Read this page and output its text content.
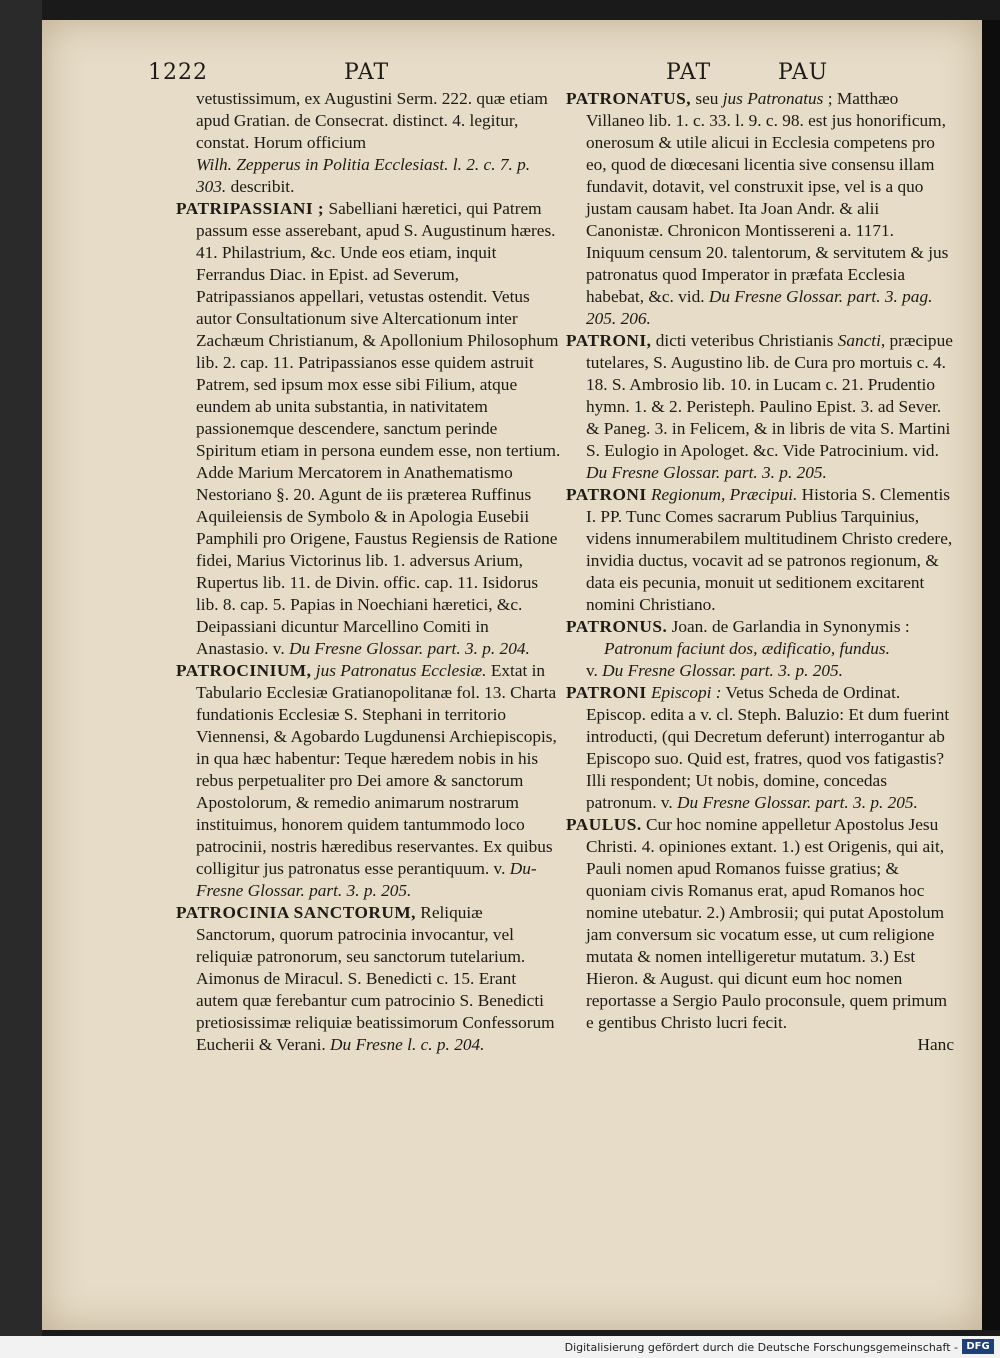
1222	PAT	PAT	PAU
vetustissimum, ex Augustini Serm. 222. quæ etiam apud Gratian. de Consecrat. distinct. 4. legitur, constat. Horum officium
Wilh. Zepperus in Politia Ecclesiast. l. 2. c. 7. p. 303. describit.
PATRIPASSIANI ; Sabelliani hæretici, qui Patrem passum esse asserebant, apud S. Augustinum hæres. 41. Philastrium, &c. Unde eos etiam, inquit Ferrandus Diac. in Epist. ad Severum, Patripassianos appellari, vetustas ostendit. Vetus autor Consultationum sive Altercationum inter Zachæum Christianum, & Apollonium Philosophum lib. 2. cap. 11. Patripassianos esse quidem astruit Patrem, sed ipsum mox esse sibi Filium, atque eundem ab unita substantia, in nativitatem passionemque descendere, sanctum perinde Spiritum etiam in persona eundem esse, non tertium. Adde Marium Mercatorem in Anathematismo Nestoriano §. 20. Agunt de iis præterea Ruffinus Aquileiensis de Symbolo & in Apologia Eusebii Pamphili pro Origene, Faustus Regiensis de Ratione fidei, Marius Victorinus lib. 1. adversus Arium, Rupertus lib. 11. de Divin. offic. cap. 11. Isidorus lib. 8. cap. 5. Papias in Noechiani hæretici, &c. Deipassiani dicuntur Marcellino Comiti in Anastasio. v. Du Fresne Glossar. part. 3. p. 204.
PATROCINIUM, jus Patronatus Ecclesiæ. Extat in Tabulario Ecclesiæ Gratianopolitanæ fol. 13. Charta fundationis Ecclesiæ S. Stephani in territorio Viennensi, & Agobardo Lugdunensi Archiepiscopis, in qua hæc habentur: Teque hæredem nobis in his rebus perpetualiter pro Dei amore & sanctorum Apostolorum, & remedio animarum nostrarum instituimus, honorem quidem tantummodo loco patrocinii, nostris hæredibus reservantes. Ex quibus colligitur jus patronatus esse perantiquum. v. Du-Fresne Glossar. part. 3. p. 205.
PATROCINIA SANCTORUM, Reliquiæ Sanctorum, quorum patrocinia invocantur, vel reliquiæ patronorum, seu sanctorum tutelarium. Aimonus de Miracul. S. Benedicti c. 15. Erant autem quæ ferebantur cum patrocinio S. Benedicti pretiosissimæ reliquiæ beatissimorum Confessorum Eucherii & Verani. Du Fresne l. c. p. 204.
PATRONATUS, seu jus Patronatus ; Matthæo Villaneo lib. 1. c. 33. l. 9. c. 98. est jus honorificum, onerosum & utile alicui in Ecclesia competens pro eo, quod de diœcesani licentia sive consensu illam fundavit, dotavit, vel construxit ipse, vel is a quo justam causam habet. Ita Joan Andr. & alii Canonistæ. Chronicon Montissereni a. 1171. Iniquum censum 20. talentorum, & servitutem & jus patronatus quod Imperator in præfata Ecclesia habebat, &c. vid. Du Fresne Glossar. part. 3. pag. 205. 206.
PATRONI, dicti veteribus Christianis Sancti, præcipue tutelares, S. Augustino lib. de Cura pro mortuis c. 4. 18. S. Ambrosio lib. 10. in Lucam c. 21. Prudentio hymn. 1. & 2. Peristeph. Paulino Epist. 3. ad Sever. & Paneg. 3. in Felicem, & in libris de vita S. Martini S. Eulogio in Apologet. &c. Vide Patrocinium. vid. Du Fresne Glossar. part. 3. p. 205.
PATRONI Regionum, Præcipui. Historia S. Clementis I. PP. Tunc Comes sacrarum Publius Tarquinius, videns innumerabilem multitudinem Christo credere, invidia ductus, vocavit ad se patronos regionum, & data eis pecunia, monuit ut seditionem excitarent nomini Christiano.
PATRONUS. Joan. de Garlandia in Synonymis :
Patronum faciunt dos, ædificatio, fundus.
v. Du Fresne Glossar. part. 3. p. 205.
PATRONI Episcopi : Vetus Scheda de Ordinat. Episcop. edita a v. cl. Steph. Baluzio: Et dum fuerint introducti, (qui Decretum deferunt) interrogantur ab Episcopo suo. Quid est, fratres, quod vos fatigastis? Illi respondent; Ut nobis, domine, concedas patronum. v. Du Fresne Glossar. part. 3. p. 205.
PAULUS. Cur hoc nomine appelletur Apostolus Jesu Christi. 4. opiniones extant. 1.) est Origenis, qui ait, Pauli nomen apud Romanos fuisse gratius; & quoniam civis Romanus erat, apud Romanos hoc nomine utebatur. 2.) Ambrosii; qui putat Apostolum jam conversum sic vocatum esse, ut cum religione mutata & nomen intelligeretur mutatum. 3.) Est Hieron. & August. qui dicunt eum hoc nomen reportasse a Sergio Paulo proconsule, quem primum e gentibus Christo lucri fecit.
Hanc
Digitalisierung gefördert durch die Deutsche Forschungsgemeinschaft - DFG
